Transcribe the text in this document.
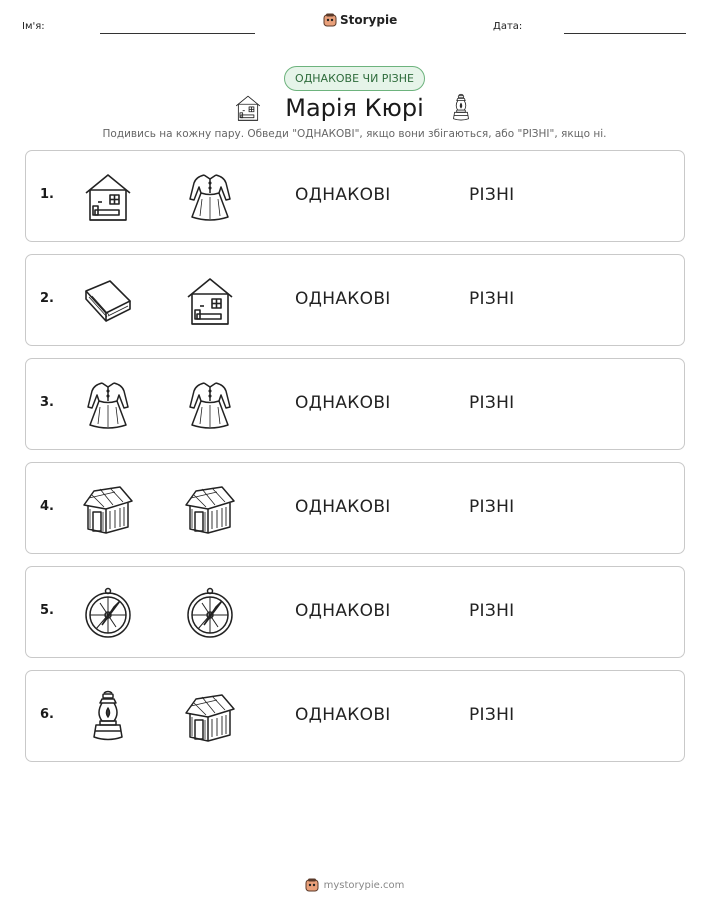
Ім'я:	Storypie	Дата:
ОДНАКОВЕ ЧИ РІЗНЕ
Марія Кюрі
Подивись на кожну пару. Обведи "ОДНАКОВІ", якщо вони збігаються, або "РІЗНІ", якщо ні.
1.	ОДНАКОВІ	РІЗНІ
2.	ОДНАКОВІ	РІЗНІ
3.	ОДНАКОВІ	РІЗНІ
4.	ОДНАКОВІ	РІЗНІ
5.	ОДНАКОВІ	РІЗНІ
6.	ОДНАКОВІ	РІЗНІ
mystorypie.com
